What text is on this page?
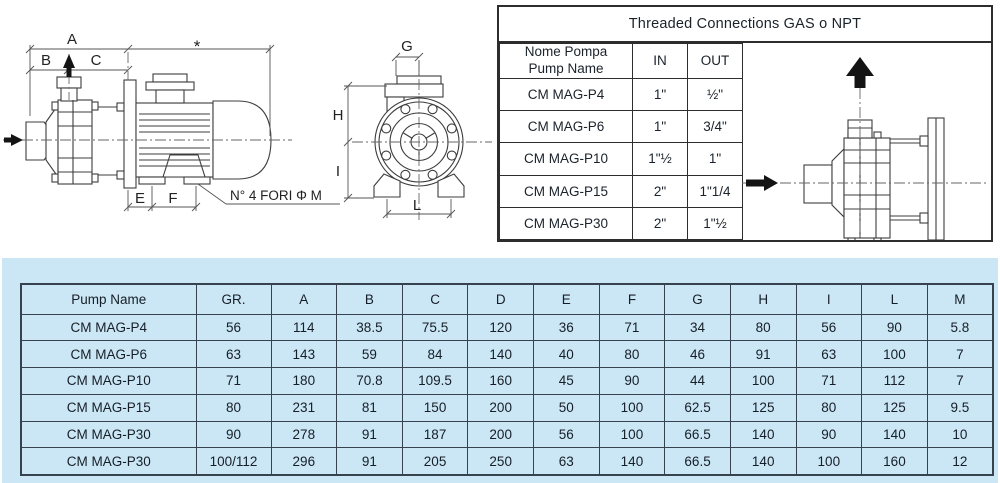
A	*
B	C
E F	N° 4 FORI Φ M
G
H
I
L
Threaded Connections GAS o NPT
Nome Pompa
Pump Name	IN	OUT
CM MAG-P4	1"	½"
CM MAG-P6	1"	3/4"
CM MAG-P10	1"½	1"
CM MAG-P15	2"	1"1/4
CM MAG-P30	2"	1"½
Pump Name	GR.	A	B	C	D	E	F	G	H	I	L	M
CM MAG-P4	56	114	38.5	75.5	120	36	71	34	80	56	90	5.8
CM MAG-P6	63	143	59	84	140	40	80	46	91	63	100	7
CM MAG-P10	71	180	70.8	109.5	160	45	90	44	100	71	112	7
CM MAG-P15	80	231	81	150	200	50	100	62.5	125	80	125	9.5
CM MAG-P30	90	278	91	187	200	56	100	66.5	140	90	140	10
CM MAG-P30	100/112	296	91	205	250	63	140	66.5	140	100	160	12
